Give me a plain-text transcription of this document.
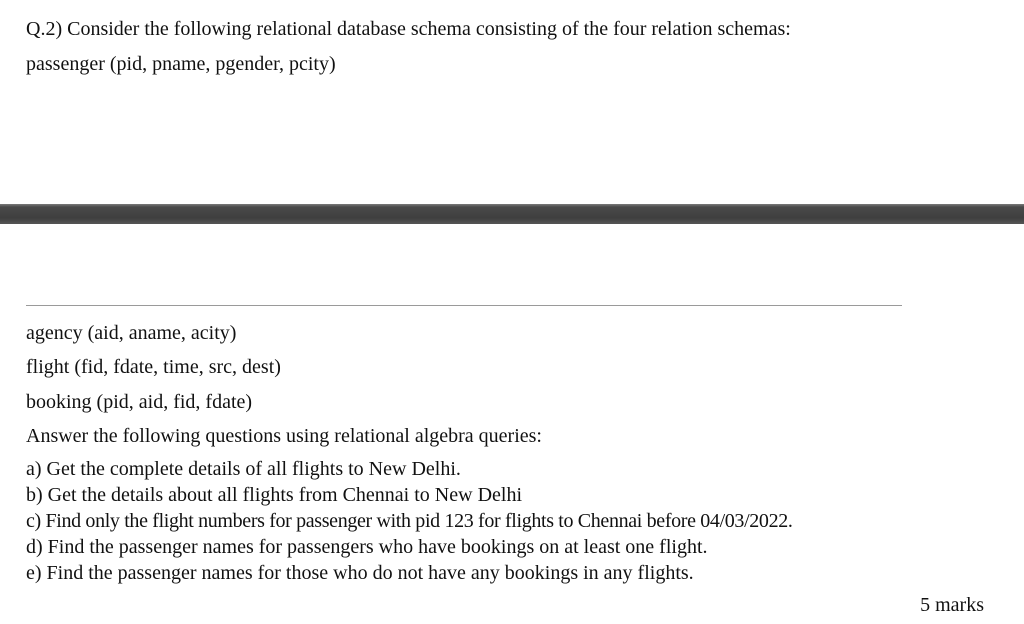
Q.2) Consider the following relational database schema consisting of the four relation schemas:
passenger (pid, pname, pgender, pcity)
agency (aid, aname, acity)
flight (fid, fdate, time, src, dest)
booking (pid, aid, fid, fdate)
Answer the following questions using relational algebra queries:
a) Get the complete details of all flights to New Delhi.
b) Get the details about all flights from Chennai to New Delhi
c) Find only the flight numbers for passenger with pid 123 for flights to Chennai before 04/03/2022.
d) Find the passenger names for passengers who have bookings on at least one flight.
e) Find the passenger names for those who do not have any bookings in any flights.
5 marks
